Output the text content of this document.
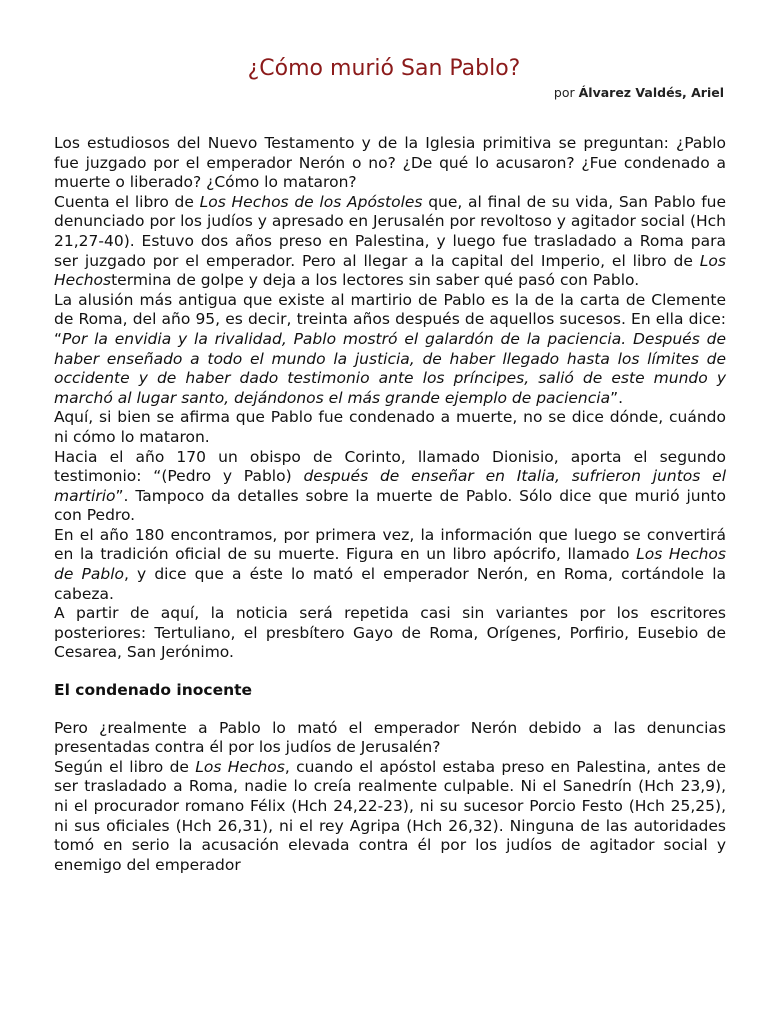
¿Cómo murió San Pablo?
por Álvarez Valdés, Ariel

Los estudiosos del Nuevo Testamento y de la Iglesia primitiva se preguntan: ¿Pablo fue juzgado por el emperador Nerón o no? ¿De qué lo acusaron? ¿Fue condenado a muerte o liberado? ¿Cómo lo mataron?

Cuenta el libro de Los Hechos de los Apóstoles que, al final de su vida, San Pablo fue denunciado por los judíos y apresado en Jerusalén por revoltoso y agitador social (Hch 21,27-40). Estuvo dos años preso en Palestina, y luego fue trasladado a Roma para ser juzgado por el emperador. Pero al llegar a la capital del Imperio, el libro de Los Hechostermina de golpe y deja a los lectores sin saber qué pasó con Pablo.

La alusión más antigua que existe al martirio de Pablo es la de la carta de Clemente de Roma, del año 95, es decir, treinta años después de aquellos sucesos. En ella dice: “Por la envidia y la rivalidad, Pablo mostró el galardón de la paciencia. Después de haber enseñado a todo el mundo la justicia, de haber llegado hasta los límites de occidente y de haber dado testimonio ante los príncipes, salió de este mundo y marchó al lugar santo, dejándonos el más grande ejemplo de paciencia”.

Aquí, si bien se afirma que Pablo fue condenado a muerte, no se dice dónde, cuándo ni cómo lo mataron.

Hacia el año 170 un obispo de Corinto, llamado Dionisio, aporta el segundo testimonio: “(Pedro y Pablo) después de enseñar en Italia, sufrieron juntos el martirio”. Tampoco da detalles sobre la muerte de Pablo. Sólo dice que murió junto con Pedro.

En el año 180 encontramos, por primera vez, la información que luego se convertirá en la tradición oficial de su muerte. Figura en un libro apócrifo, llamado Los Hechos de Pablo, y dice que a éste lo mató el emperador Nerón, en Roma, cortándole la cabeza.

A partir de aquí, la noticia será repetida casi sin variantes por los escritores posteriores: Tertuliano, el presbítero Gayo de Roma, Orígenes, Porfirio, Eusebio de Cesarea, San Jerónimo.

El condenado inocente

Pero ¿realmente a Pablo lo mató el emperador Nerón debido a las denuncias presentadas contra él por los judíos de Jerusalén?

Según el libro de Los Hechos, cuando el apóstol estaba preso en Palestina, antes de ser trasladado a Roma, nadie lo creía realmente culpable. Ni el Sanedrín (Hch 23,9), ni el procurador romano Félix (Hch 24,22-23), ni su sucesor Porcio Festo (Hch 25,25), ni sus oficiales (Hch 26,31), ni el rey Agripa (Hch 26,32). Ninguna de las autoridades tomó en serio la acusación elevada contra él por los judíos de agitador social y enemigo del emperador
